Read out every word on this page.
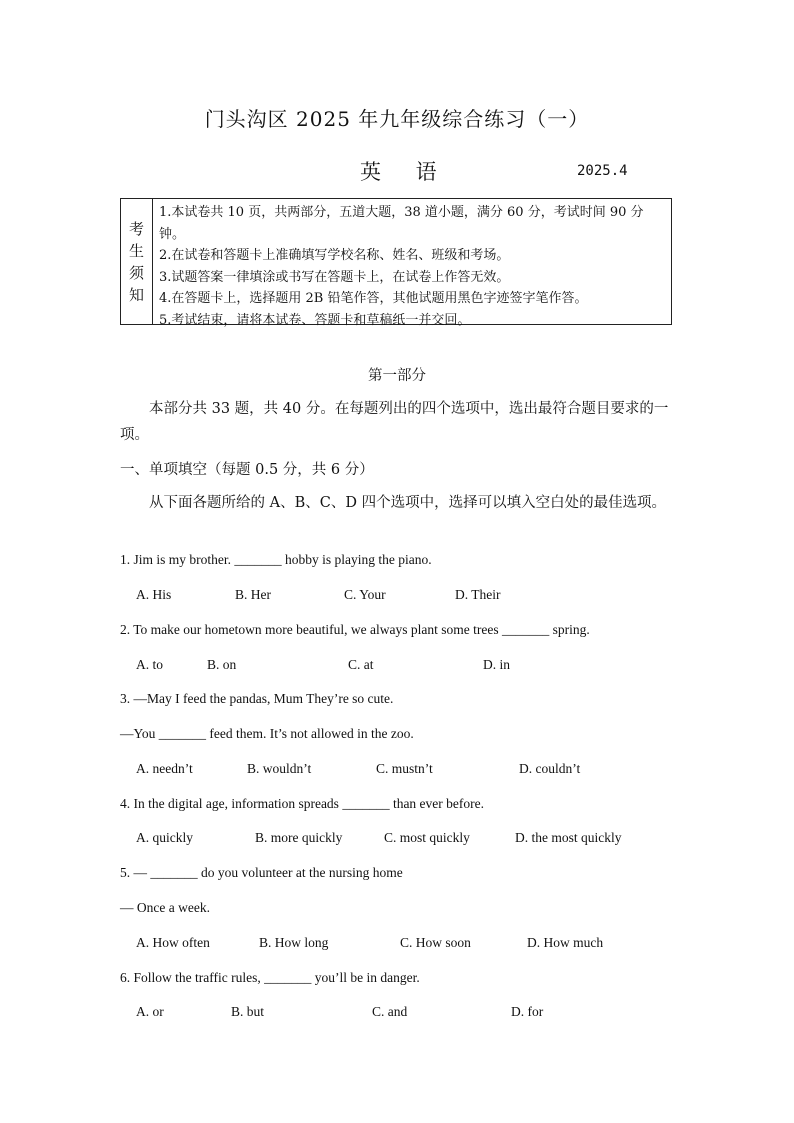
门头沟区 2025 年九年级综合练习（一）
英 语	2025.4
考
生
须
知
1.本试卷共 10 页，共两部分，五道大题，38 道小题，满分 60 分，考试时间 90 分钟。
2.在试卷和答题卡上准确填写学校名称、姓名、班级和考场。
3.试题答案一律填涂或书写在答题卡上，在试卷上作答无效。
4.在答题卡上，选择题用 2B 铅笔作答，其他试题用黑色字迹签字笔作答。
5.考试结束，请将本试卷、答题卡和草稿纸一并交回。
第一部分
本部分共 33 题，共 40 分。在每题列出的四个选项中，选出最符合题目要求的一项。
一、单项填空（每题 0.5 分，共 6 分）
从下面各题所给的 A、B、C、D 四个选项中，选择可以填入空白处的最佳选项。
1. Jim is my brother. _______ hobby is playing the piano.
A. His	B. Her	C. Your	D. Their
2. To make our hometown more beautiful, we always plant some trees _______ spring.
A. to	B. on	C. at	D. in
3. —May I feed the pandas, Mum They’re so cute.
—You _______ feed them. It’s not allowed in the zoo.
A. needn’t	B. wouldn’t	C. mustn’t	D. couldn’t
4. In the digital age, information spreads _______ than ever before.
A. quickly	B. more quickly	C. most quickly	D. the most quickly
5. — _______ do you volunteer at the nursing home
— Once a week.
A. How often	B. How long	C. How soon	D. How much
6. Follow the traffic rules, _______ you’ll be in danger.
A. or	B. but	C. and	D. for
